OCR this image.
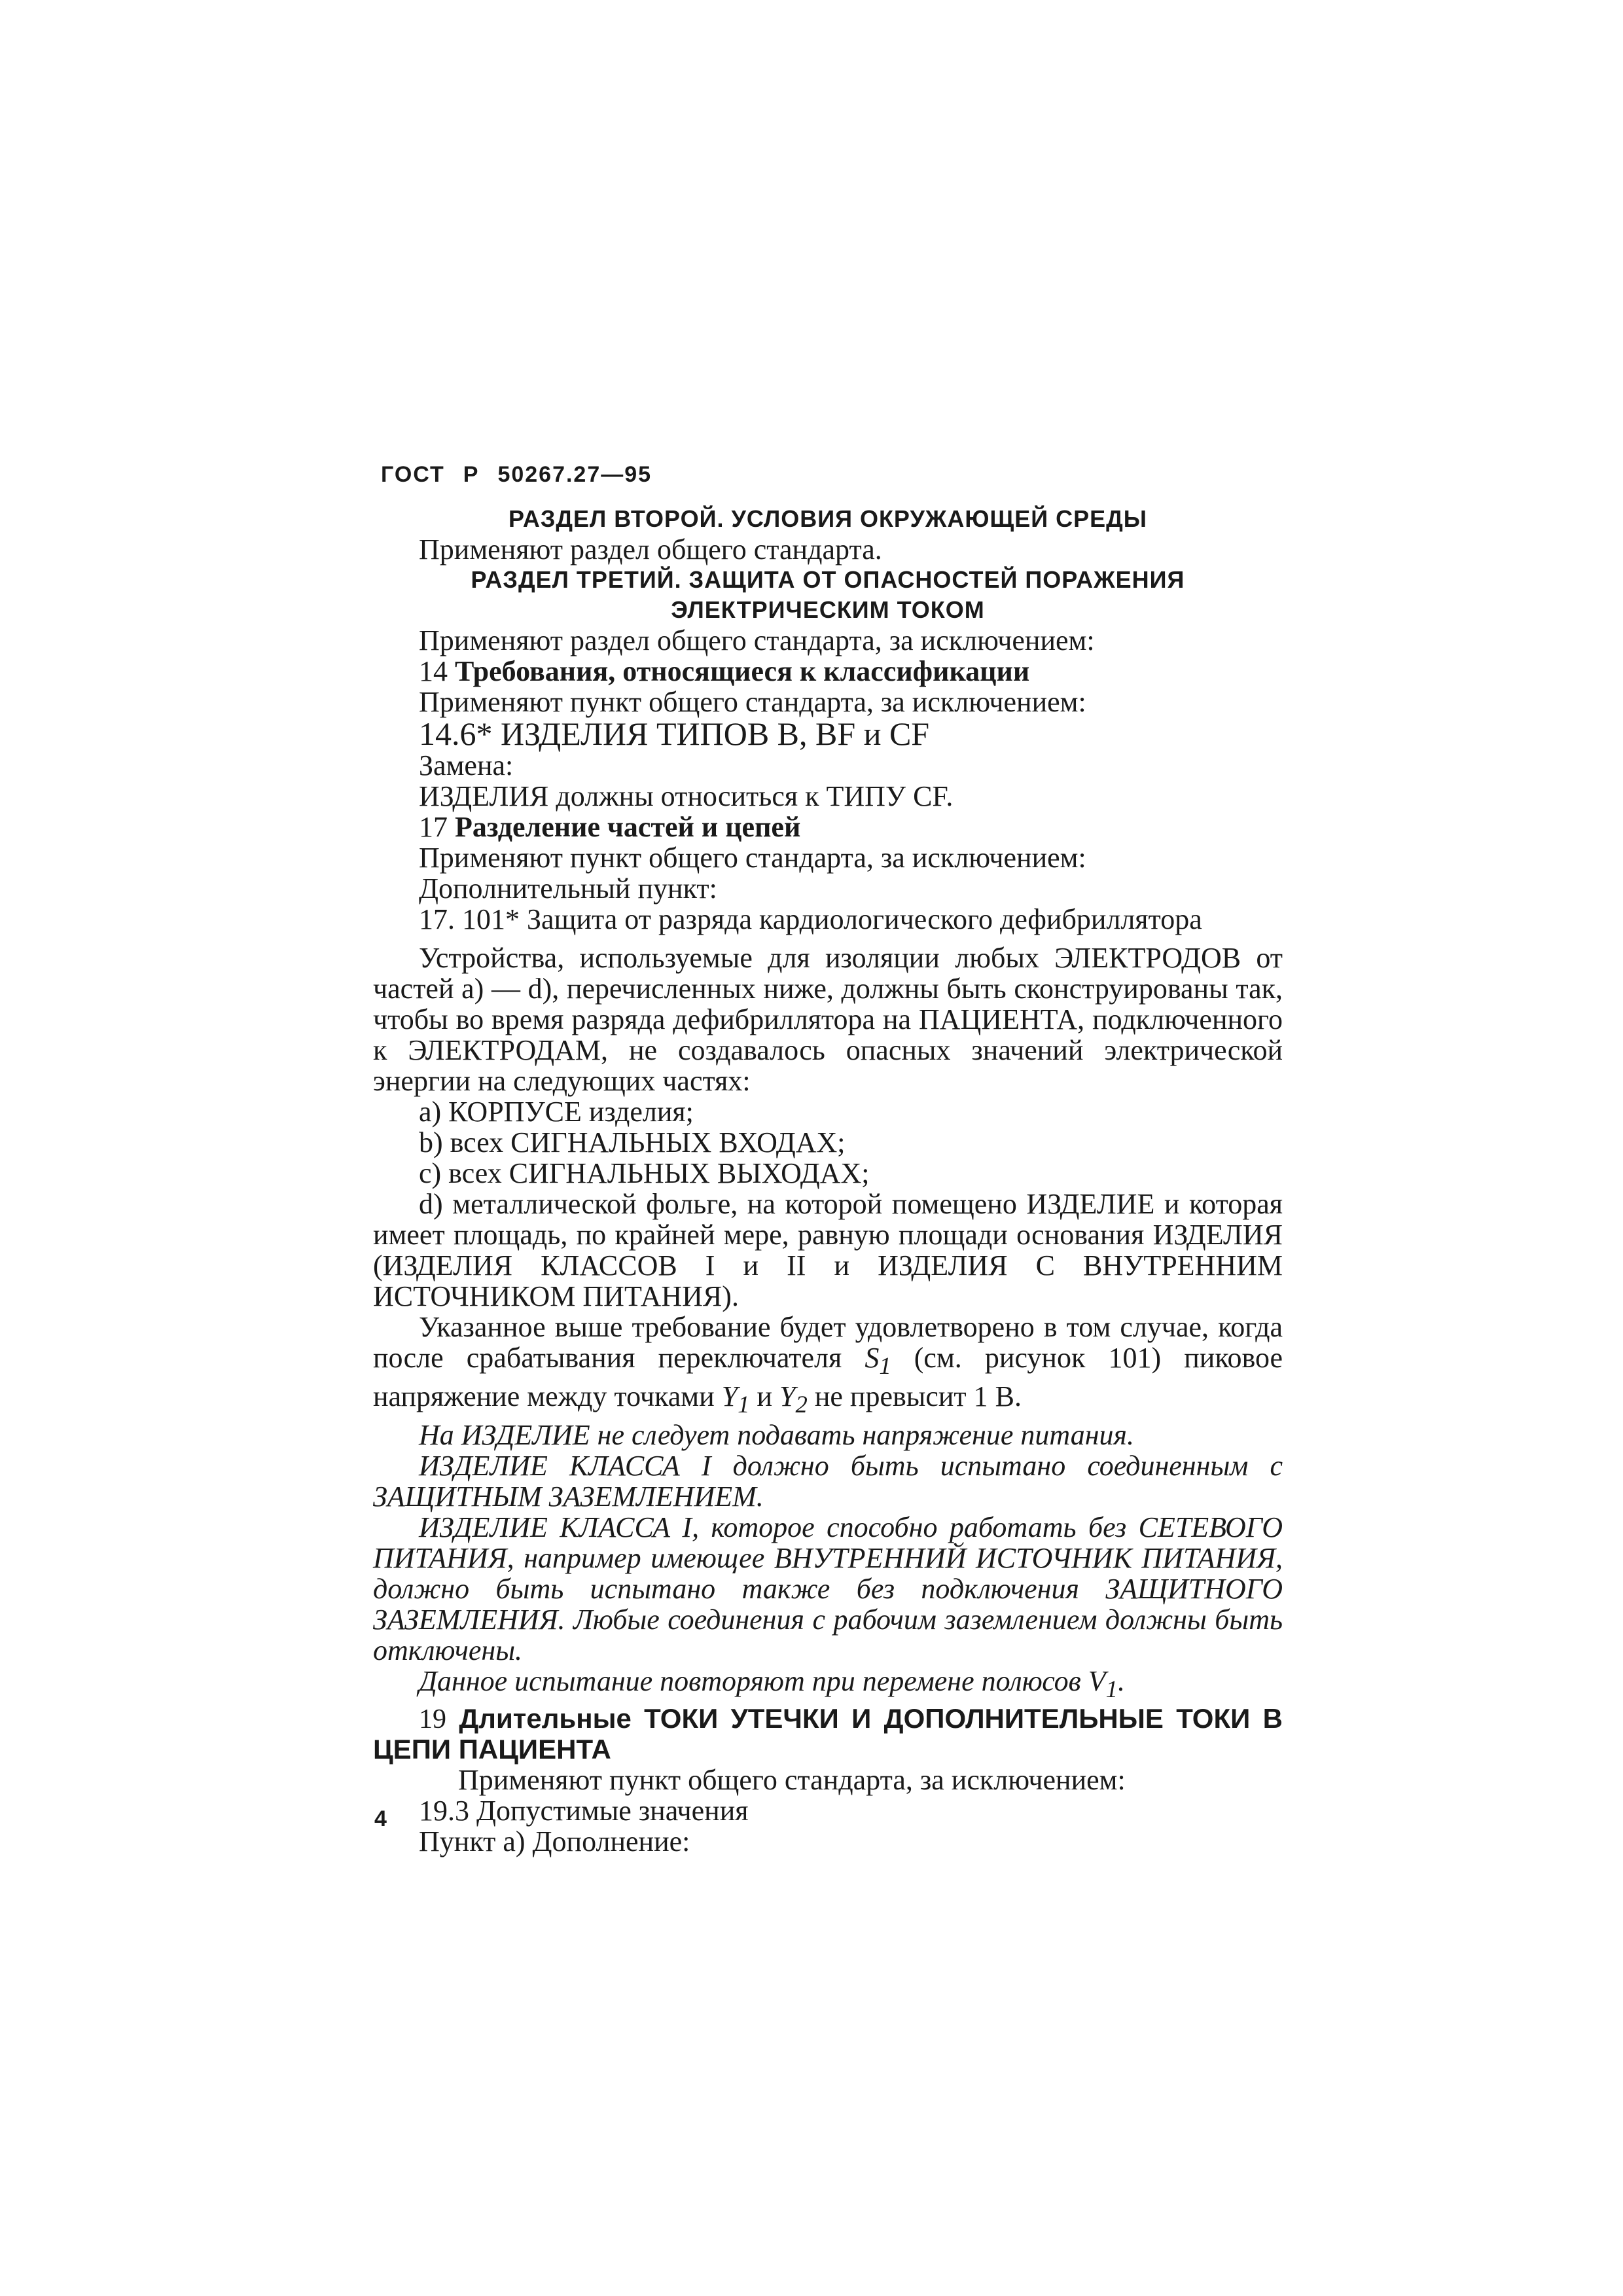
ГОСТ Р 50267.27—95

РАЗДЕЛ ВТОРОЙ. УСЛОВИЯ ОКРУЖАЮЩЕЙ СРЕДЫ

Применяют раздел общего стандарта.

РАЗДЕЛ ТРЕТИЙ. ЗАЩИТА ОТ ОПАСНОСТЕЙ ПОРАЖЕНИЯ

ЭЛЕКТРИЧЕСКИМ ТОКОМ

Применяют раздел общего стандарта, за исключением:

14 Требования, относящиеся к классификации

Применяют пункт общего стандарта, за исключением:

14.6* ИЗДЕЛИЯ ТИПОВ В, BF и CF

Замена:

ИЗДЕЛИЯ должны относиться к ТИПУ CF.

17 Разделение частей и цепей

Применяют пункт общего стандарта, за исключением:

Дополнительный пункт:

17. 101* Защита от разряда кардиологического дефибриллятора

Устройства, используемые для изоляции любых ЭЛЕКТРОДОВ от частей а) — d), перечисленных ниже, должны быть сконструированы так, чтобы во время разряда дефибриллятора на ПАЦИЕНТА, подключенного к ЭЛЕКТРОДАМ, не создавалось опасных значений электрической энергии на следующих частях:

а) КОРПУСЕ изделия;

b) всех СИГНАЛЬНЫХ ВХОДАХ;

с) всех СИГНАЛЬНЫХ ВЫХОДАХ;

d) металлической фольге, на которой помещено ИЗДЕЛИЕ и которая имеет площадь, по крайней мере, равную площади основания ИЗДЕЛИЯ (ИЗДЕЛИЯ КЛАССОВ I и II и ИЗДЕЛИЯ С ВНУТРЕННИМ ИСТОЧНИКОМ ПИТАНИЯ).

Указанное выше требование будет удовлетворено в том случае, когда после срабатывания переключателя $S_1$ (см. рисунок 101) пиковое напряжение между точками $Y_1$ и $Y_2$ не превысит 1 В.

На ИЗДЕЛИЕ не следует подавать напряжение питания.

ИЗДЕЛИЕ КЛАССА I должно быть испытано соединенным с ЗАЩИТНЫМ ЗАЗЕМЛЕНИЕМ.

ИЗДЕЛИЕ КЛАССА I, которое способно работать без СЕТЕВОГО ПИТАНИЯ, например имеющее ВНУТРЕННИЙ ИСТОЧНИК ПИТАНИЯ, должно быть испытано также без подключения ЗАЩИТНОГО ЗАЗЕМЛЕНИЯ. Любые соединения с рабочим заземлением должны быть отключены.

Данное испытание повторяют при перемене полюсов $V_1$.

19 Длительные ТОКИ УТЕЧКИ И ДОПОЛНИТЕЛЬНЫЕ ТОКИ В ЦЕПИ ПАЦИЕНТА

Применяют пункт общего стандарта, за исключением:

19.3 Допустимые значения

Пункт а) Дополнение:

4
